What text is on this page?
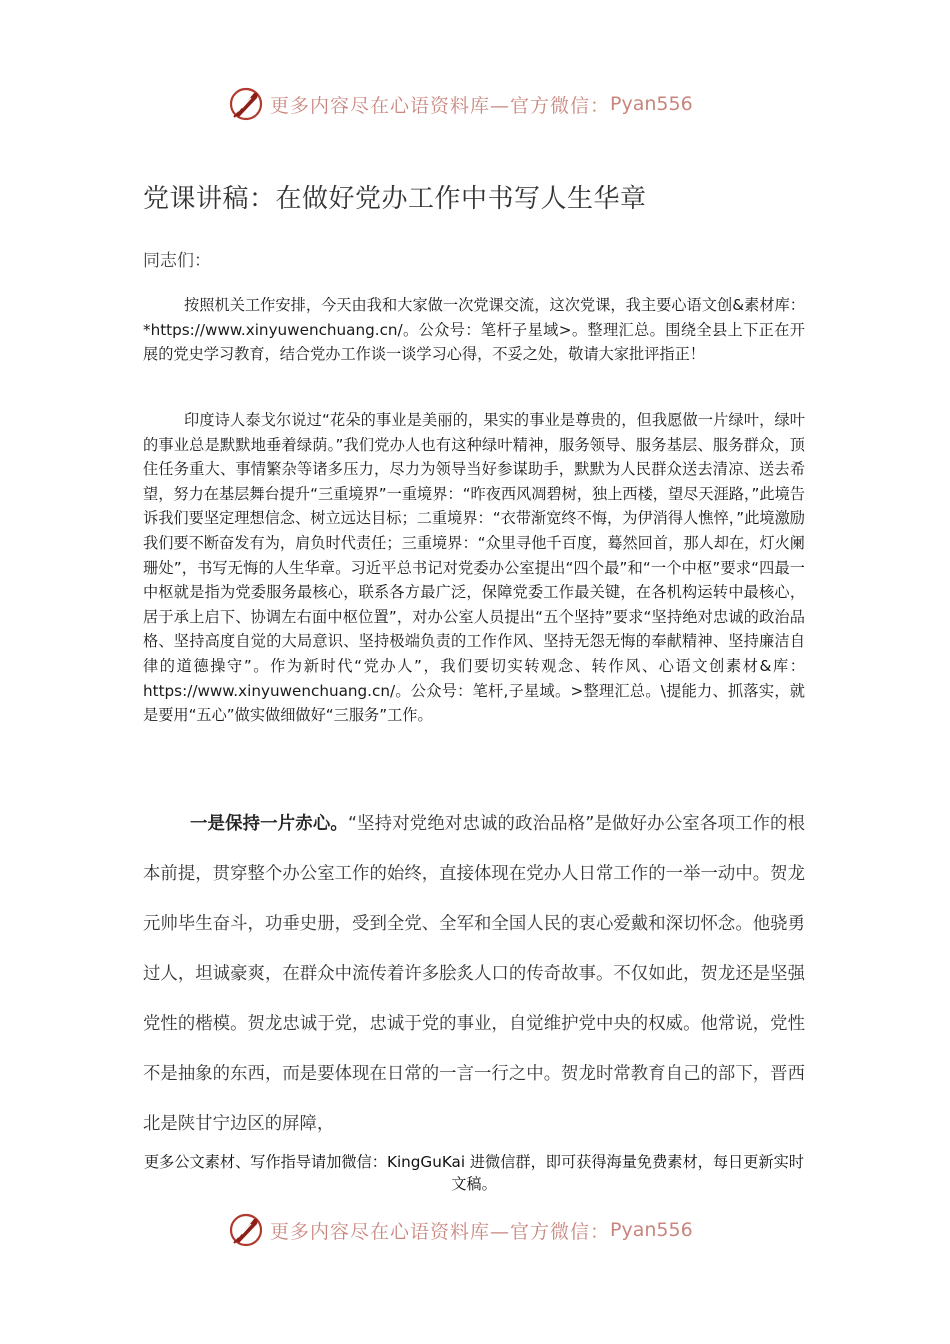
更多内容尽在心语资料库—官方微信： Pyan556
党课讲稿：在做好党办工作中书写人生华章

同志们：

按照机关工作安排，今天由我和大家做一次党课交流，这次党课，我主要心语文创&素材库：*https://www.xinyuwenchuang.cn/。公众号：笔杆子星域>。整理汇总。围绕全县上下正在开展的党史学习教育，结合党办工作谈一谈学习心得，不妥之处，敬请大家批评指正！

印度诗人泰戈尔说过“花朵的事业是美丽的，果实的事业是尊贵的，但我愿做一片绿叶，绿叶的事业总是默默地垂着绿荫。”我们党办人也有这种绿叶精神，服务领导、服务基层、服务群众，顶住任务重大、事情繁杂等诸多压力，尽力为领导当好参谋助手，默默为人民群众送去清凉、送去希望，努力在基层舞台提升“三重境界”一重境界：“昨夜西风凋碧树，独上西楼，望尽天涯路，”此境告诉我们要坚定理想信念、树立远达目标；二重境界：“衣带渐宽终不悔，为伊消得人憔悴，”此境激励我们要不断奋发有为，肩负时代责任；三重境界：“众里寻他千百度，蓦然回首，那人却在，灯火阑珊处”，书写无悔的人生华章。习近平总书记对党委办公室提出“四个最”和“一个中枢”要求“四最一中枢就是指为党委服务最核心，联系各方最广泛，保障党委工作最关键，在各机构运转中最核心，居于承上启下、协调左右面中枢位置”，对办公室人员提出“五个坚持”要求“坚持绝对忠诚的政治品格、坚持高度自觉的大局意识、坚持极端负责的工作作风、坚持无怨无悔的奉献精神、坚持廉洁自律的道德操守”。作为新时代“党办人”，我们要切实转观念、转作风、心语文创素材&库：https://www.xinyuwenchuang.cn/。公众号：笔杆,子星域。>整理汇总。\提能力、抓落实，就是要用“五心”做实做细做好“三服务”工作。

一是保持一片赤心。“坚持对党绝对忠诚的政治品格”是做好办公室各项工作的根本前提，贯穿整个办公室工作的始终，直接体现在党办人日常工作的一举一动中。贺龙元帅毕生奋斗，功垂史册，受到全党、全军和全国人民的衷心爱戴和深切怀念。他骁勇过人，坦诚豪爽，在群众中流传着许多脍炙人口的传奇故事。不仅如此，贺龙还是坚强党性的楷模。贺龙忠诚于党，忠诚于党的事业，自觉维护党中央的权威。他常说，党性不是抽象的东西，而是要体现在日常的一言一行之中。贺龙时常教育自己的部下，晋西北是陕甘宁边区的屏障，

更多公文素材、写作指导请加微信：KingGuKai 进微信群，即可获得海量免费素材，每日更新实时文稿。

更多内容尽在心语资料库—官方微信： Pyan556
